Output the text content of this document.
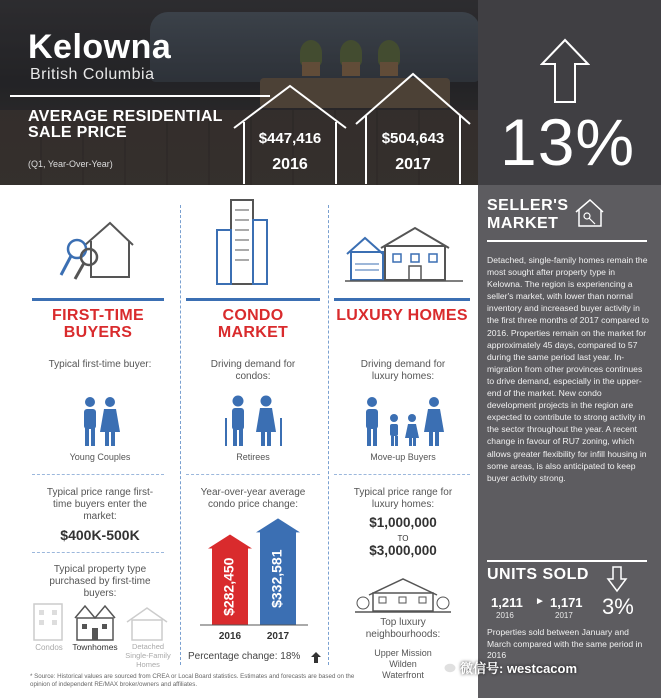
Kelowna
British Columbia
AVERAGE RESIDENTIAL SALE PRICE
(Q1, Year-Over-Year)
$447,416
2016
$504,643
2017	13%
SELLER'S MARKET
Detached, single-family homes remain the most sought after property type in Kelowna. The region is experiencing a seller's market, with lower than normal inventory and increased buyer activity in the first three months of 2017 compared to 2016. Properties remain on the market for approximately 45 days, compared to 57 during the same period last year. In-migration from other provinces continues to drive demand, especially in the upper-end of the market. New condo development projects in the region are expected to contribute to strong activity in the sector throughout the year. A recent change in favour of RU7 zoning, which allows greater flexibility for infill housing in some areas, is also anticipated to keep buyer activity strong.
UNITS SOLD
1,211
2016
► 1,171
2017 3%
Properties sold between January and March compared with the same period in 2016
FIRST-TIME BUYERS
Typical first-time buyer:
Young Couples
Typical price range first-time buyers enter the market:
$400K-500K
Typical property type purchased by first-time buyers:
Condos	Townhomes	Detached Single-Family Homes
CONDO MARKET
Driving demand for condos:
Retirees
Year-over-year average condo price change:
$282,450
2016
$332,581
2017
Percentage change: 18%
LUXURY HOMES
Driving demand for luxury homes:
Move-up Buyers
Typical price range for luxury homes:
$1,000,000
TO
$3,000,000
Top luxury neighbourhoods:
Upper Mission
Wilden
Waterfront
* Source: Historical values are sourced from CREA or Local Board statistics. Estimates and forecasts are based on the opinion of independent RE/MAX broker/owners and affiliates.
微信号: westcacom
